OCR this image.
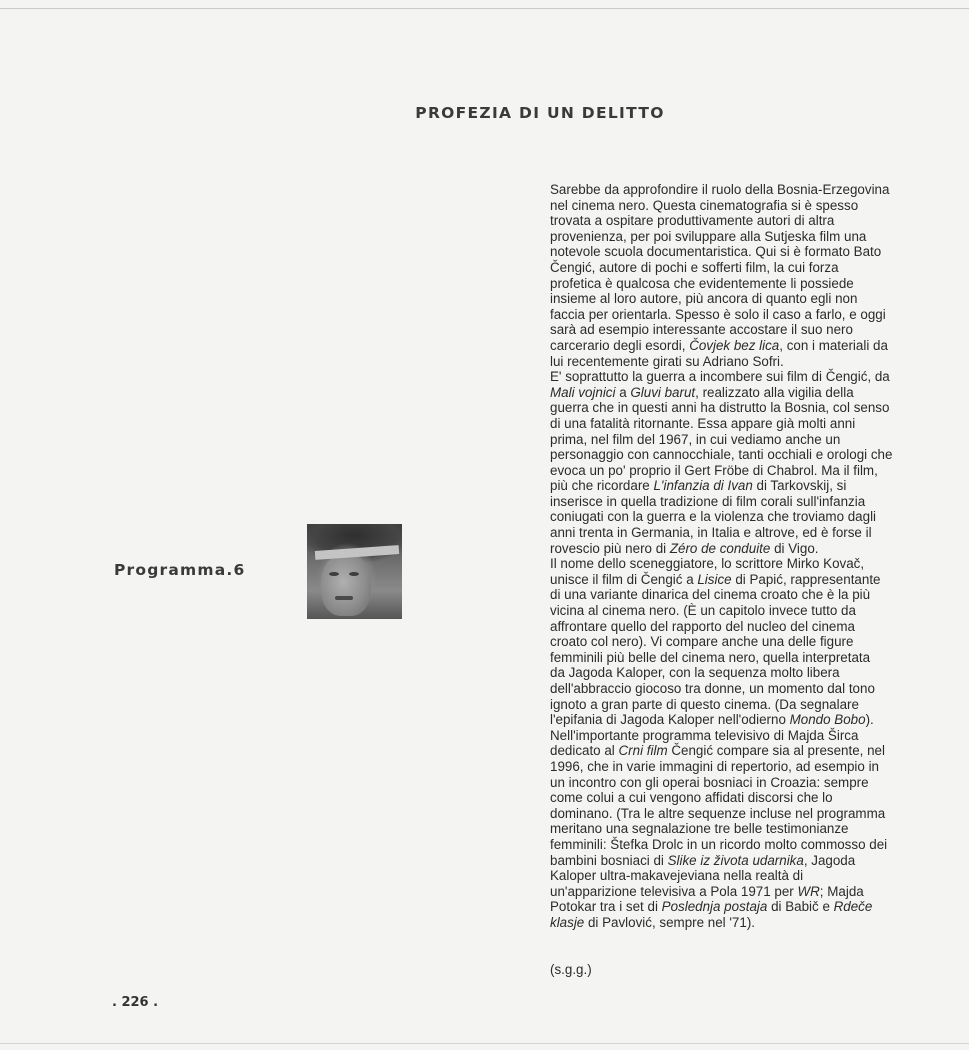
PROFEZIA DI UN DELITTO
Programma.6
Sarebbe da approfondire il ruolo della Bosnia-Erzegovina
nel cinema nero. Questa cinematografia si è spesso
trovata a ospitare produttivamente autori di altra
provenienza, per poi sviluppare alla Sutjeska film una
notevole scuola documentaristica. Qui si è formato Bato
Čengić, autore di pochi e sofferti film, la cui forza
profetica è qualcosa che evidentemente li possiede
insieme al loro autore, più ancora di quanto egli non
faccia per orientarla. Spesso è solo il caso a farlo, e oggi
sarà ad esempio interessante accostare il suo nero
carcerario degli esordi, Čovjek bez lica, con i materiali da
lui recentemente girati su Adriano Sofri.
E' soprattutto la guerra a incombere sui film di Čengić, da
Mali vojnici a Gluvi barut, realizzato alla vigilia della
guerra che in questi anni ha distrutto la Bosnia, col senso
di una fatalità ritornante. Essa appare già molti anni
prima, nel film del 1967, in cui vediamo anche un
personaggio con cannocchiale, tanti occhiali e orologi che
evoca un po' proprio il Gert Fröbe di Chabrol. Ma il film,
più che ricordare L'infanzia di Ivan di Tarkovskij, si
inserisce in quella tradizione di film corali sull'infanzia
coniugati con la guerra e la violenza che troviamo dagli
anni trenta in Germania, in Italia e altrove, ed è forse il
rovescio più nero di Zéro de conduite di Vigo.
Il nome dello sceneggiatore, lo scrittore Mirko Kovač,
unisce il film di Čengić a Lisice di Papić, rappresentante
di una variante dinarica del cinema croato che è la più
vicina al cinema nero. (È un capitolo invece tutto da
affrontare quello del rapporto del nucleo del cinema
croato col nero). Vi compare anche una delle figure
femminili più belle del cinema nero, quella interpretata
da Jagoda Kaloper, con la sequenza molto libera
dell'abbraccio giocoso tra donne, un momento dal tono
ignoto a gran parte di questo cinema. (Da segnalare
l'epifania di Jagoda Kaloper nell'odierno Mondo Bobo).
Nell'importante programma televisivo di Majda Širca
dedicato al Crni film Čengić compare sia al presente, nel
1996, che in varie immagini di repertorio, ad esempio in
un incontro con gli operai bosniaci in Croazia: sempre
come colui a cui vengono affidati discorsi che lo
dominano. (Tra le altre sequenze incluse nel programma
meritano una segnalazione tre belle testimonianze
femminili: Štefka Drolc in un ricordo molto commosso dei
bambini bosniaci di Slike iz života udarnika, Jagoda
Kaloper ultra-makavejeviana nella realtà di
un'apparizione televisiva a Pola 1971 per WR; Majda
Potokar tra i set di Poslednja postaja di Babič e Rdeče
klasje di Pavlović, sempre nel '71).
(s.g.g.)
. 226 .
